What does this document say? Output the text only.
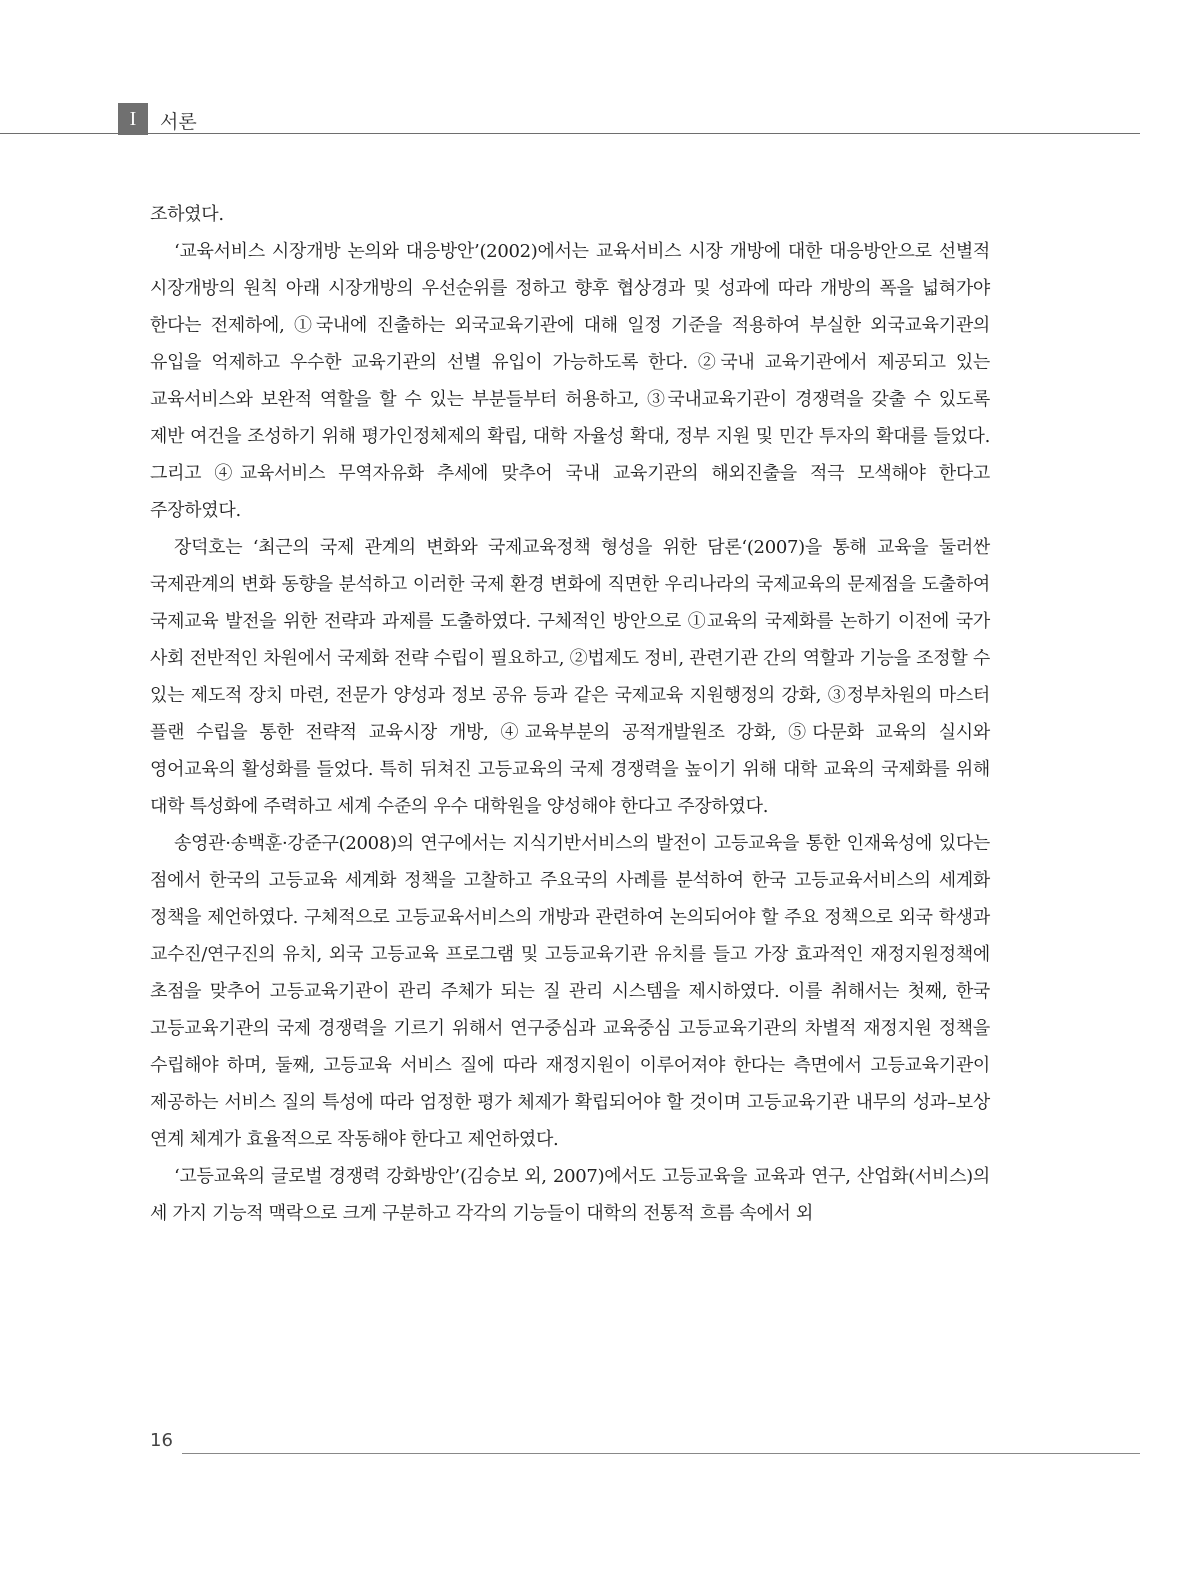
I	서론

조하였다.

‘교육서비스 시장개방 논의와 대응방안’(2002)에서는 교육서비스 시장 개방에 대한 대응방안으로 선별적 시장개방의 원칙 아래 시장개방의 우선순위를 정하고 향후 협상경과 및 성과에 따라 개방의 폭을 넓혀가야 한다는 전제하에, ①국내에 진출하는 외국교육기관에 대해 일정 기준을 적용하여 부실한 외국교육기관의 유입을 억제하고 우수한 교육기관의 선별 유입이 가능하도록 한다. ②국내 교육기관에서 제공되고 있는 교육서비스와 보완적 역할을 할 수 있는 부분들부터 허용하고, ③국내교육기관이 경쟁력을 갖출 수 있도록 제반 여건을 조성하기 위해 평가인정체제의 확립, 대학 자율성 확대, 정부 지원 및 민간 투자의 확대를 들었다. 그리고 ④교육서비스 무역자유화 추세에 맞추어 국내 교육기관의 해외진출을 적극 모색해야 한다고 주장하였다.

장덕호는 ‘최근의 국제 관계의 변화와 국제교육정책 형성을 위한 담론‘(2007)을 통해 교육을 둘러싼 국제관계의 변화 동향을 분석하고 이러한 국제 환경 변화에 직면한 우리나라의 국제교육의 문제점을 도출하여 국제교육 발전을 위한 전략과 과제를 도출하였다. 구체적인 방안으로 ①교육의 국제화를 논하기 이전에 국가 사회 전반적인 차원에서 국제화 전략 수립이 필요하고, ②법제도 정비, 관련기관 간의 역할과 기능을 조정할 수 있는 제도적 장치 마련, 전문가 양성과 정보 공유 등과 같은 국제교육 지원행정의 강화, ③정부차원의 마스터 플랜 수립을 통한 전략적 교육시장 개방, ④교육부분의 공적개발원조 강화, ⑤다문화 교육의 실시와 영어교육의 활성화를 들었다. 특히 뒤쳐진 고등교육의 국제 경쟁력을 높이기 위해 대학 교육의 국제화를 위해 대학 특성화에 주력하고 세계 수준의 우수 대학원을 양성해야 한다고 주장하였다.

송영관·송백훈·강준구(2008)의 연구에서는 지식기반서비스의 발전이 고등교육을 통한 인재육성에 있다는 점에서 한국의 고등교육 세계화 정책을 고찰하고 주요국의 사례를 분석하여 한국 고등교육서비스의 세계화 정책을 제언하였다. 구체적으로 고등교육서비스의 개방과 관련하여 논의되어야 할 주요 정책으로 외국 학생과 교수진/연구진의 유치, 외국 고등교육 프로그램 및 고등교육기관 유치를 들고 가장 효과적인 재정지원정책에 초점을 맞추어 고등교육기관이 관리 주체가 되는 질 관리 시스템을 제시하였다. 이를 취해서는 첫째, 한국 고등교육기관의 국제 경쟁력을 기르기 위해서 연구중심과 교육중심 고등교육기관의 차별적 재정지원 정책을 수립해야 하며, 둘째, 고등교육 서비스 질에 따라 재정지원이 이루어져야 한다는 측면에서 고등교육기관이 제공하는 서비스 질의 특성에 따라 엄정한 평가 체제가 확립되어야 할 것이며 고등교육기관 내무의 성과–보상 연계 체계가 효율적으로 작동해야 한다고 제언하였다.

‘고등교육의 글로벌 경쟁력 강화방안’(김승보 외, 2007)에서도 고등교육을 교육과 연구, 산업화(서비스)의 세 가지 기능적 맥락으로 크게 구분하고 각각의 기능들이 대학의 전통적 흐름 속에서 외

16
